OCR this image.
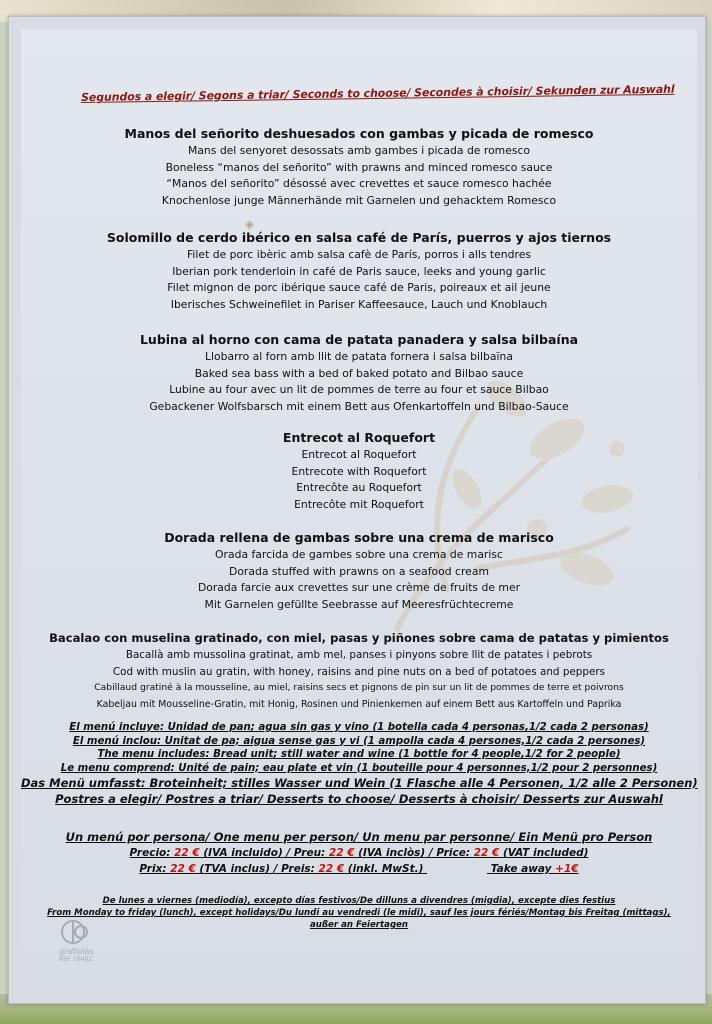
Segundos a elegir/ Segons a triar/ Seconds to choose/ Secondes à choisir/ Sekunden zur Auswahl
Manos del señorito deshuesados con gambas y picada de romesco
Mans del senyoret desossats amb gambes i picada de romesco
Boneless “manos del señorito” with prawns and minced romesco sauce
“Manos del señorito” désossé avec crevettes et sauce romesco hachée
Knochenlose junge Männerhände mit Garnelen und gehacktem Romesco
◈
Solomillo de cerdo ibérico en salsa café de París, puerros y ajos tiernos
Filet de porc ibèric amb salsa cafè de París, porros i alls tendres
Iberian pork tenderloin in café de Paris sauce, leeks and young garlic
Filet mignon de porc ibérique sauce café de Paris, poireaux et ail jeune
Iberisches Schweinefilet in Pariser Kaffeesauce, Lauch und Knoblauch
Lubina al horno con cama de patata panadera y salsa bilbaína
Llobarro al forn amb llit de patata fornera i salsa bilbaïna
Baked sea bass with a bed of baked potato and Bilbao sauce
Lubine au four avec un lit de pommes de terre au four et sauce Bilbao
Gebackener Wolfsbarsch mit einem Bett aus Ofenkartoffeln und Bilbao-Sauce
Entrecot al Roquefort
Entrecot al Roquefort
Entrecote with Roquefort
Entrecôte au Roquefort
Entrecôte mit Roquefort
Dorada rellena de gambas sobre una crema de marisco
Orada farcida de gambes sobre una crema de marisc
Dorada stuffed with prawns on a seafood cream
Dorada farcie aux crevettes sur une crème de fruits de mer
Mit Garnelen gefüllte Seebrasse auf Meeresfrüchtecreme
Bacalao con muselina gratinado, con miel, pasas y piñones sobre cama de patatas y pimientos
Bacallà amb mussolina gratinat, amb mel, panses i pinyons sobre llit de patates i pebrots
Cod with muslin au gratin, with honey, raisins and pine nuts on a bed of potatoes and peppers
Cabillaud gratiné à la mousseline, au miel, raisins secs et pignons de pin sur un lit de pommes de terre et poivrons
Kabeljau mit Mousseline-Gratin, mit Honig, Rosinen und Pinienkernen auf einem Bett aus Kartoffeln und Paprika
El menú incluye: Unidad de pan; agua sin gas y vino (1 botella cada 4 personas,1/2 cada 2 personas)
El menú inclou: Unitat de pa; aigua sense gas y vi (1 ampolla cada 4 persones,1/2 cada 2 persones)
The menu includes: Bread unit; still water and wine (1 bottle for 4 people,1/2 for 2 people)
Le menu comprend: Unité de pain; eau plate et vin (1 bouteille pour 4 personnes,1/2 pour 2 personnes)
Das Menü umfasst: Broteinheit; stilles Wasser und Wein (1 Flasche alle 4 Personen, 1/2 alle 2 Personen)
Postres a elegir/ Postres a triar/ Desserts to choose/ Desserts à choisir/ Desserts zur Auswahl
Un menú por persona/ One menu per person/ Un menu par personne/ Ein Menü pro Person
Precio: 22 € (IVA incluido) / Preu: 22 € (IVA inclòs) / Price: 22 € (VAT included)
Prix: 22 € (TVA inclus) / Preis: 22 € (inkl. MwSt.)	Take away +1€
De lunes a viernes (mediodía), excepto días festivos/De dilluns a divendres (migdia), excepte dies festius
From Monday to friday (lunch), except holidays/Du lundi au vendredi (le midi), sauf les jours fériés/Montag bis Freitag (mittags),
außer an Feiertagen
grafiplás
REF. 58402
